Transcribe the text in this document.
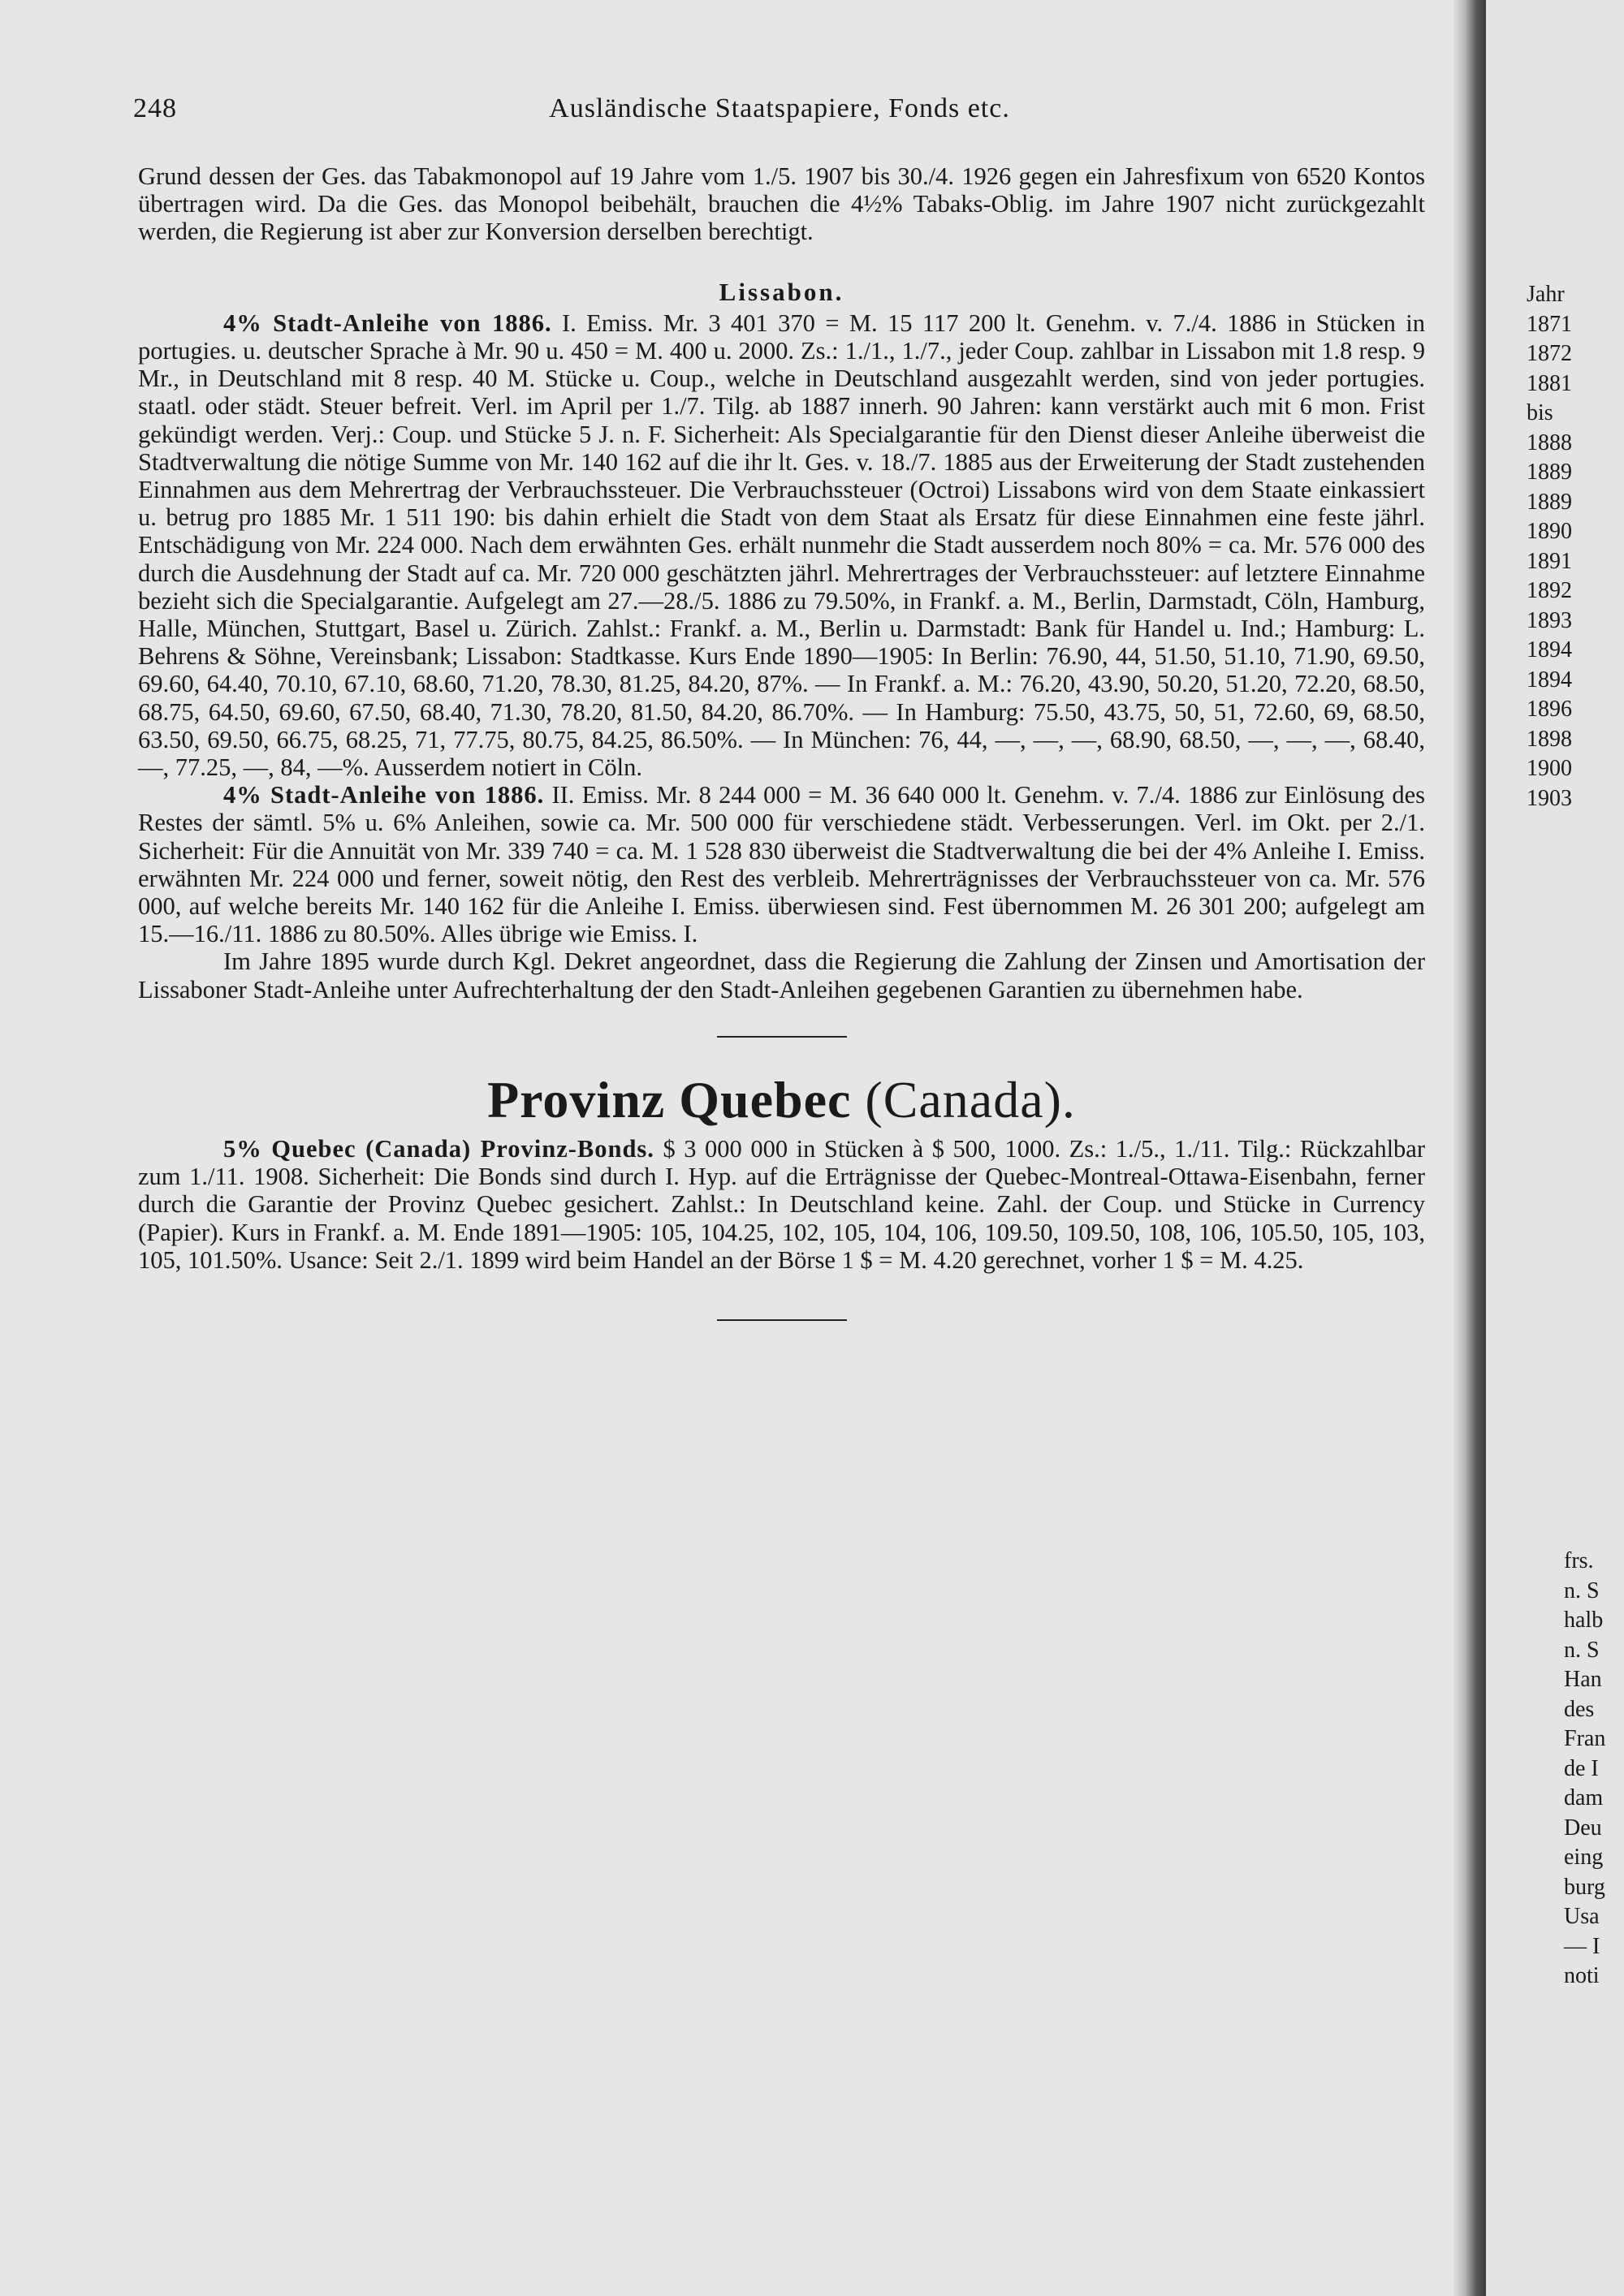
248	Ausländische Staatspapiere, Fonds etc.

Grund dessen der Ges. das Tabakmonopol auf 19 Jahre vom 1./5. 1907 bis 30./4. 1926 gegen ein Jahresfixum von 6520 Kontos übertragen wird. Da die Ges. das Monopol beibehält, brauchen die 4½% Tabaks-Oblig. im Jahre 1907 nicht zurückgezahlt werden, die Regierung ist aber zur Konversion derselben berechtigt.

Lissabon.

4% Stadt-Anleihe von 1886. I. Emiss. Mr. 3 401 370 = M. 15 117 200 lt. Genehm. v. 7./4. 1886 in Stücken in portugies. u. deutscher Sprache à Mr. 90 u. 450 = M. 400 u. 2000. Zs.: 1./1., 1./7., jeder Coup. zahlbar in Lissabon mit 1.8 resp. 9 Mr., in Deutschland mit 8 resp. 40 M. Stücke u. Coup., welche in Deutschland ausgezahlt werden, sind von jeder portugies. staatl. oder städt. Steuer befreit. Verl. im April per 1./7. Tilg. ab 1887 innerh. 90 Jahren: kann verstärkt auch mit 6 mon. Frist gekündigt werden. Verj.: Coup. und Stücke 5 J. n. F. Sicherheit: Als Specialgarantie für den Dienst dieser Anleihe überweist die Stadtverwaltung die nötige Summe von Mr. 140 162 auf die ihr lt. Ges. v. 18./7. 1885 aus der Erweiterung der Stadt zustehenden Einnahmen aus dem Mehrertrag der Verbrauchssteuer. Die Verbrauchssteuer (Octroi) Lissabons wird von dem Staate einkassiert u. betrug pro 1885 Mr. 1 511 190: bis dahin erhielt die Stadt von dem Staat als Ersatz für diese Einnahmen eine feste jährl. Entschädigung von Mr. 224 000. Nach dem erwähnten Ges. erhält nunmehr die Stadt ausserdem noch 80% = ca. Mr. 576 000 des durch die Ausdehnung der Stadt auf ca. Mr. 720 000 geschätzten jährl. Mehrertrages der Verbrauchssteuer: auf letztere Einnahme bezieht sich die Specialgarantie. Aufgelegt am 27.—28./5. 1886 zu 79.50%, in Frankf. a. M., Berlin, Darmstadt, Cöln, Hamburg, Halle, München, Stuttgart, Basel u. Zürich. Zahlst.: Frankf. a. M., Berlin u. Darmstadt: Bank für Handel u. Ind.; Hamburg: L. Behrens & Söhne, Vereinsbank; Lissabon: Stadtkasse. Kurs Ende 1890—1905: In Berlin: 76.90, 44, 51.50, 51.10, 71.90, 69.50, 69.60, 64.40, 70.10, 67.10, 68.60, 71.20, 78.30, 81.25, 84.20, 87%. — In Frankf. a. M.: 76.20, 43.90, 50.20, 51.20, 72.20, 68.50, 68.75, 64.50, 69.60, 67.50, 68.40, 71.30, 78.20, 81.50, 84.20, 86.70%. — In Hamburg: 75.50, 43.75, 50, 51, 72.60, 69, 68.50, 63.50, 69.50, 66.75, 68.25, 71, 77.75, 80.75, 84.25, 86.50%. — In München: 76, 44, —, —, —, 68.90, 68.50, —, —, —, 68.40, —, 77.25, —, 84, —%. Ausserdem notiert in Cöln.

4% Stadt-Anleihe von 1886. II. Emiss. Mr. 8 244 000 = M. 36 640 000 lt. Genehm. v. 7./4. 1886 zur Einlösung des Restes der sämtl. 5% u. 6% Anleihen, sowie ca. Mr. 500 000 für verschiedene städt. Verbesserungen. Verl. im Okt. per 2./1. Sicherheit: Für die Annuität von Mr. 339 740 = ca. M. 1 528 830 überweist die Stadtverwaltung die bei der 4% Anleihe I. Emiss. erwähnten Mr. 224 000 und ferner, soweit nötig, den Rest des verbleib. Mehrerträgnisses der Verbrauchssteuer von ca. Mr. 576 000, auf welche bereits Mr. 140 162 für die Anleihe I. Emiss. überwiesen sind. Fest übernommen M. 26 301 200; aufgelegt am 15.—16./11. 1886 zu 80.50%. Alles übrige wie Emiss. I.

Im Jahre 1895 wurde durch Kgl. Dekret angeordnet, dass die Regierung die Zahlung der Zinsen und Amortisation der Lissaboner Stadt-Anleihe unter Aufrechterhaltung der den Stadt-Anleihen gegebenen Garantien zu übernehmen habe.

Provinz Quebec (Canada).

5% Quebec (Canada) Provinz-Bonds. $ 3 000 000 in Stücken à $ 500, 1000. Zs.: 1./5., 1./11. Tilg.: Rückzahlbar zum 1./11. 1908. Sicherheit: Die Bonds sind durch I. Hyp. auf die Erträgnisse der Quebec-Montreal-Ottawa-Eisenbahn, ferner durch die Garantie der Provinz Quebec gesichert. Zahlst.: In Deutschland keine. Zahl. der Coup. und Stücke in Currency (Papier). Kurs in Frankf. a. M. Ende 1891—1905: 105, 104.25, 102, 105, 104, 106, 109.50, 109.50, 108, 106, 105.50, 105, 103, 105, 101.50%. Usance: Seit 2./1. 1899 wird beim Handel an der Börse 1 $ = M. 4.20 gerechnet, vorher 1 $ = M. 4.25.

Jahr
1871
1872
1881
bis
1888
1889
1889
1890
1891
1892
1893
1894
1894
1896
1898
1900
1903
frs.
n. S
halb
n. S
Han
des
Fran
de I
dam
Deu
eing
burg
Usa
— I
noti
